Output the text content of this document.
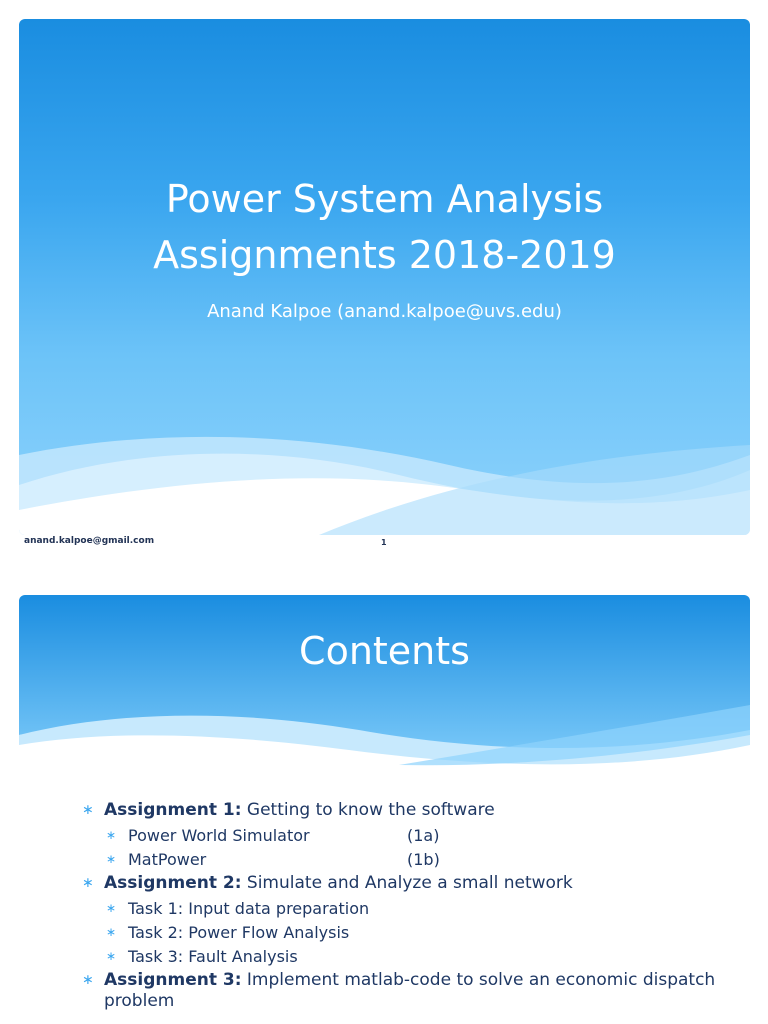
Power System Analysis
Assignments 2018-2019
Anand Kalpoe (anand.kalpoe@uvs.edu)
anand.kalpoe@gmail.com	1
Contents
∗ Assignment 1: Getting to know the software
∗ Power World Simulator	(1a)
∗ MatPower	(1b)
∗ Assignment 2: Simulate and Analyze a small network
∗ Task 1: Input data preparation
∗ Task 2: Power Flow Analysis
∗ Task 3: Fault Analysis
∗ Assignment 3: Implement matlab-code to solve an economic dispatch problem
